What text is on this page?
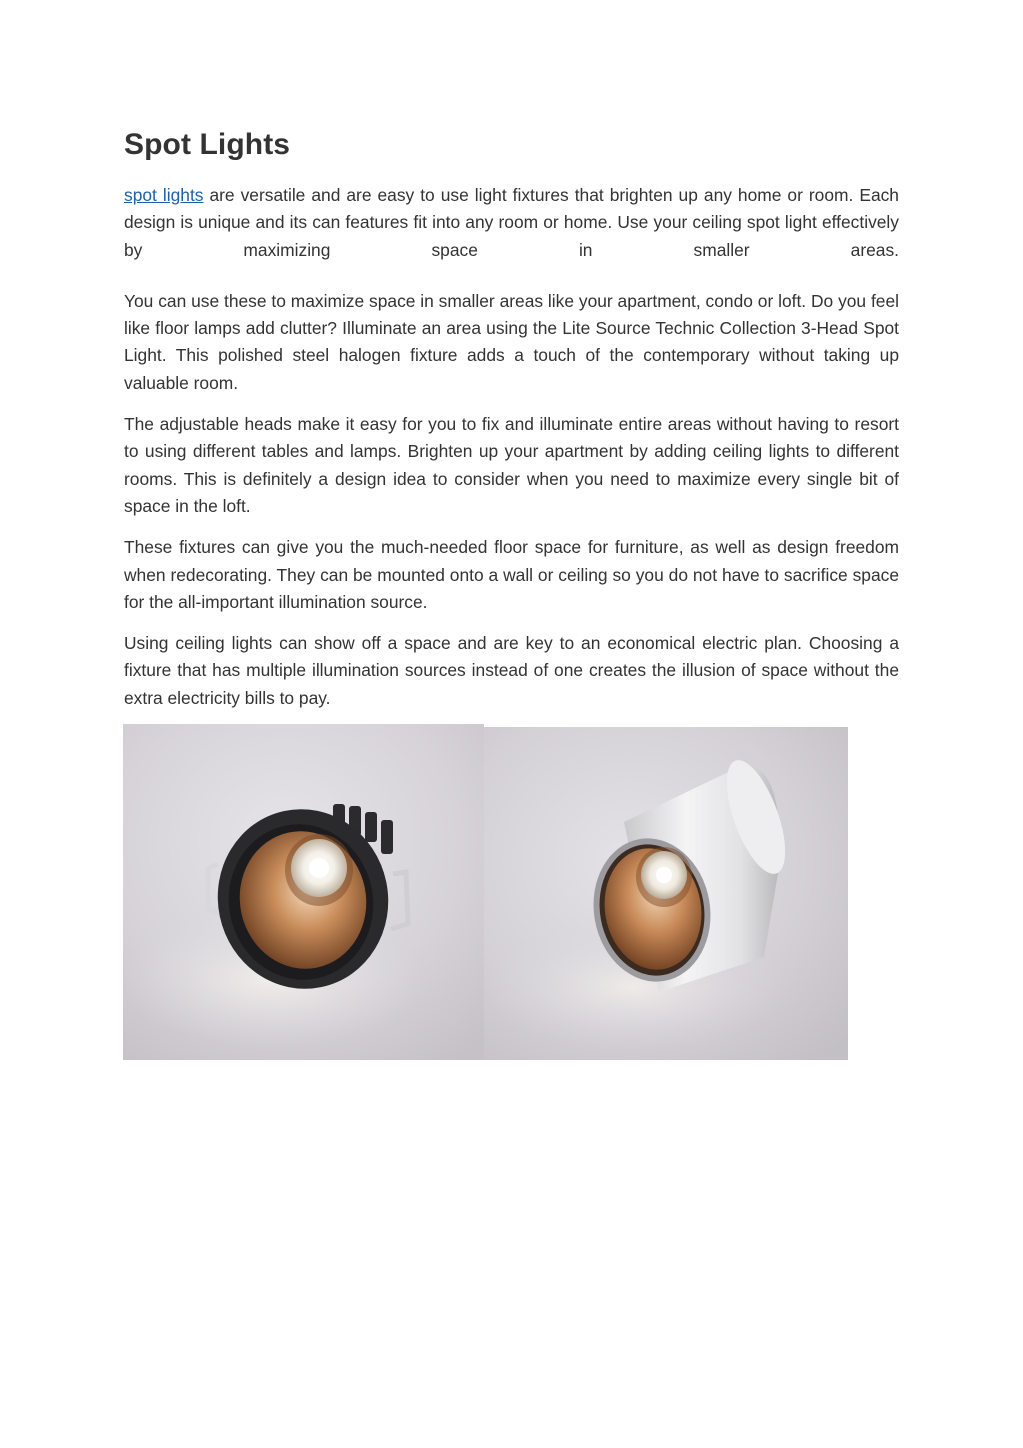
Spot Lights

spot lights are versatile and are easy to use light fixtures that brighten up any home or room. Each design is unique and its can features fit into any room or home. Use your ceiling spot light effectively by maximizing space in smaller areas.

You can use these to maximize space in smaller areas like your apartment, condo or loft. Do you feel like floor lamps add clutter? Illuminate an area using the Lite Source Technic Collection 3-Head Spot Light. This polished steel halogen fixture adds a touch of the contemporary without taking up valuable room.

The adjustable heads make it easy for you to fix and illuminate entire areas without having to resort to using different tables and lamps. Brighten up your apartment by adding ceiling lights to different rooms. This is definitely a design idea to consider when you need to maximize every single bit of space in the loft.

These fixtures can give you the much-needed floor space for furniture, as well as design freedom when redecorating. They can be mounted onto a wall or ceiling so you do not have to sacrifice space for the all-important illumination source.

Using ceiling lights can show off a space and are key to an economical electric plan. Choosing a fixture that has multiple illumination sources instead of one creates the illusion of space without the extra electricity bills to pay.
